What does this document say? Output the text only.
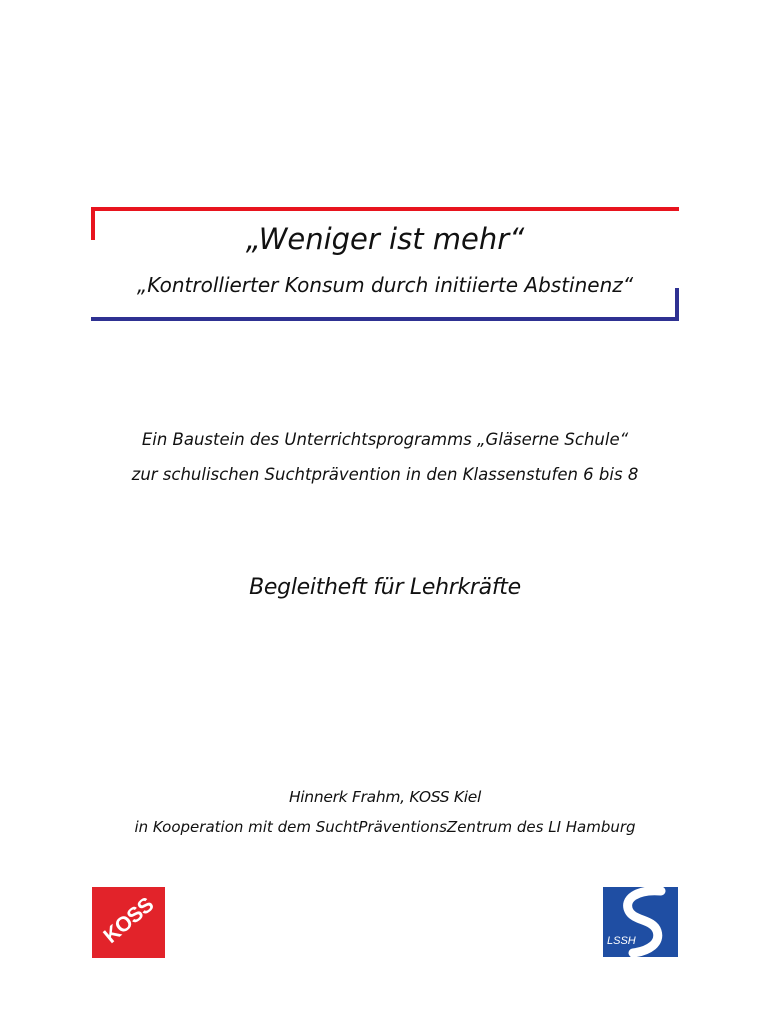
„Weniger ist mehr“
„Kontrollierter Konsum durch initiierte Abstinenz“
Ein Baustein des Unterrichtsprogramms „Gläserne Schule“
zur schulischen Suchtprävention in den Klassenstufen 6 bis 8
Begleitheft für Lehrkräfte
Hinnerk Frahm, KOSS Kiel
in Kooperation mit dem SuchtPräventionsZentrum des LI Hamburg
KOSS	LSSH
